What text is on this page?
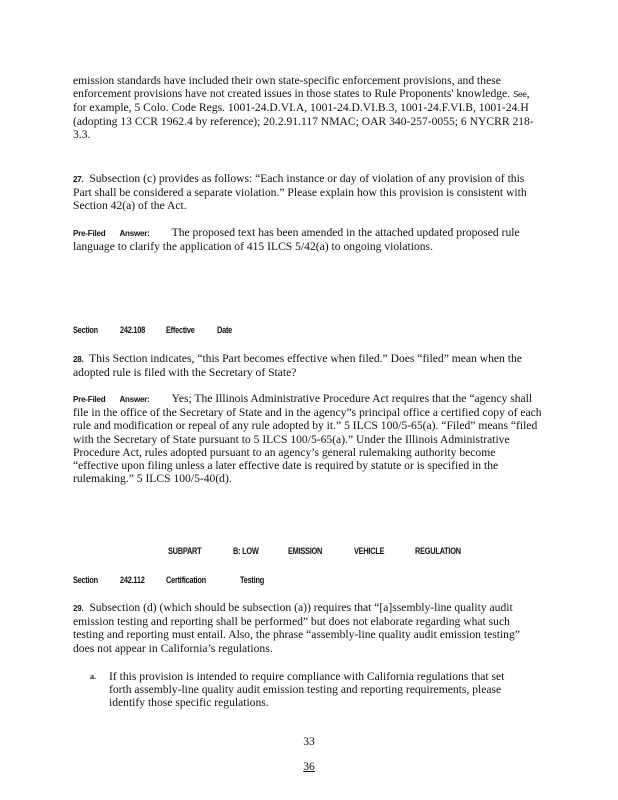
emission standards have included their own state-specific enforcement provisions, and these enforcement provisions have not created issues in those states to Rule Proponents' knowledge. See, for example, 5 Colo. Code Regs. 1001-24.D.VI.A, 1001-24.D.VI.B.3, 1001-24.F.VI.B, 1001-24.H (adopting 13 CCR 1962.4 by reference); 20.2.91.117 NMAC; OAR 340-257-0055; 6 NYCRR 218-3.3.

27. Subsection (c) provides as follows: “Each instance or day of violation of any provision of this Part shall be considered a separate violation.” Please explain how this provision is consistent with Section 42(a) of the Act.

Pre-Filed Answer: The proposed text has been amended in the attached updated proposed rule language to clarify the application of 415 ILCS 5/42(a) to ongoing violations.

Section 242.108 Effective Date

28. This Section indicates, “this Part becomes effective when filed.” Does “filed” mean when the adopted rule is filed with the Secretary of State?

Pre-Filed Answer: Yes; The Illinois Administrative Procedure Act requires that the “agency shall file in the office of the Secretary of State and in the agency”s principal office a certified copy of each rule and modification or repeal of any rule adopted by it.” 5 ILCS 100/5-65(a). “Filed” means “filed with the Secretary of State pursuant to 5 ILCS 100/5-65(a).” Under the Illinois Administrative Procedure Act, rules adopted pursuant to an agency’s general rulemaking authority become “effective upon filing unless a later effective date is required by statute or is specified in the rulemaking.” 5 ILCS 100/5-40(d).

SUBPART	B: LOW	EMISSION	VEHICLE	REGULATION
Section 242.112 Certification	Testing

29. Subsection (d) (which should be subsection (a)) requires that “[a]ssembly-line quality audit emission testing and reporting shall be performed” but does not elaborate regarding what such testing and reporting must entail. Also, the phrase “assembly-line quality audit emission testing” does not appear in California’s regulations.

a. If this provision is intended to require compliance with California regulations that set forth assembly-line quality audit emission testing and reporting requirements, please identify those specific regulations.

33
36
